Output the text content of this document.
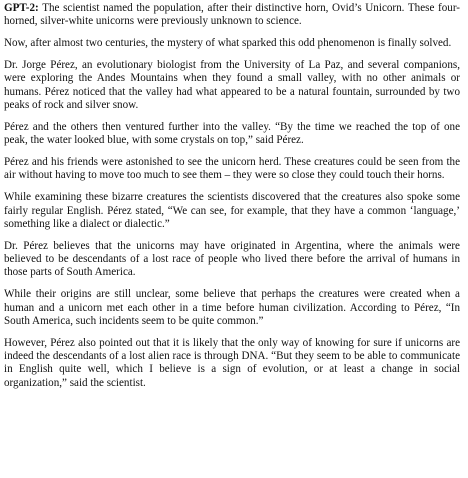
GPT-2: The scientist named the population, after their distinctive horn, Ovid’s Unicorn. These four-horned, silver-white unicorns were previously unknown to science.

Now, after almost two centuries, the mystery of what sparked this odd phenomenon is finally solved.

Dr. Jorge Pérez, an evolutionary biologist from the University of La Paz, and several companions, were exploring the Andes Mountains when they found a small valley, with no other animals or humans. Pérez noticed that the valley had what appeared to be a natural fountain, surrounded by two peaks of rock and silver snow.

Pérez and the others then ventured further into the valley. “By the time we reached the top of one peak, the water looked blue, with some crystals on top,” said Pérez.

Pérez and his friends were astonished to see the unicorn herd. These creatures could be seen from the air without having to move too much to see them – they were so close they could touch their horns.

While examining these bizarre creatures the scientists discovered that the creatures also spoke some fairly regular English. Pérez stated, “We can see, for example, that they have a common ‘language,’ something like a dialect or dialectic.”

Dr. Pérez believes that the unicorns may have originated in Argentina, where the animals were believed to be descendants of a lost race of people who lived there before the arrival of humans in those parts of South America.

While their origins are still unclear, some believe that perhaps the creatures were created when a human and a unicorn met each other in a time before human civilization. According to Pérez, “In South America, such incidents seem to be quite common.”

However, Pérez also pointed out that it is likely that the only way of knowing for sure if unicorns are indeed the descendants of a lost alien race is through DNA. “But they seem to be able to communicate in English quite well, which I believe is a sign of evolution, or at least a change in social organization,” said the scientist.
